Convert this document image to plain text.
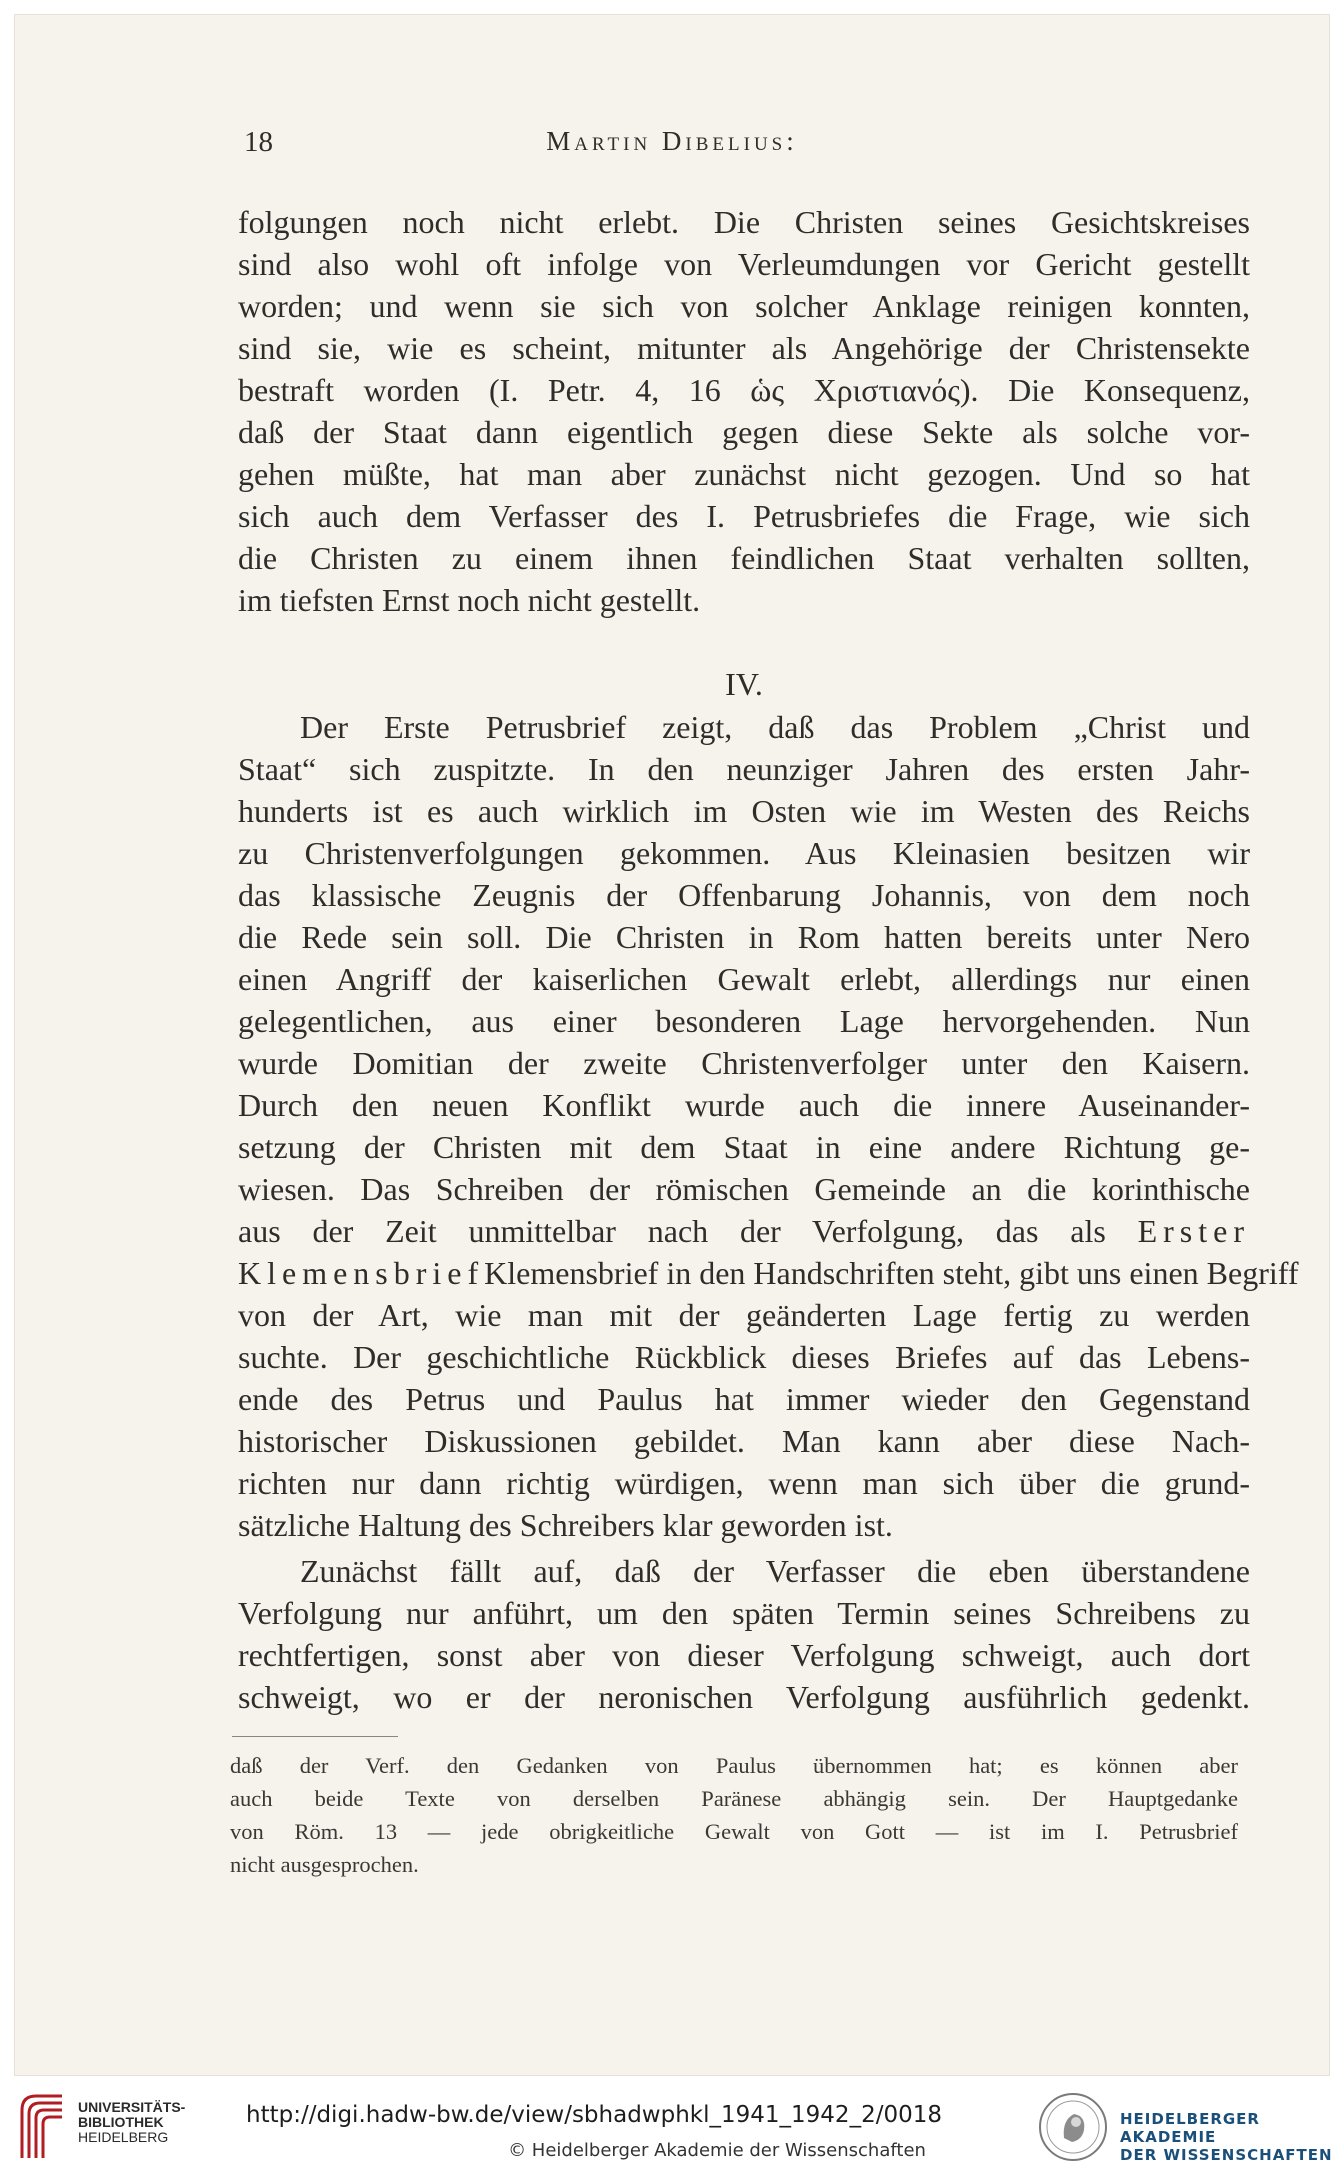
18	Martin Dibelius:
folgungen noch nicht erlebt. Die Christen seines Gesichtskreises
sind also wohl oft infolge von Verleumdungen vor Gericht gestellt
worden; und wenn sie sich von solcher Anklage reinigen konnten,
sind sie, wie es scheint, mitunter als Angehörige der Christensekte
bestraft worden (I. Petr. 4, 16 ὡς Χριστιανός). Die Konsequenz,
daß der Staat dann eigentlich gegen diese Sekte als solche vor-
gehen müßte, hat man aber zunächst nicht gezogen. Und so hat
sich auch dem Verfasser des I. Petrusbriefes die Frage, wie sich
die Christen zu einem ihnen feindlichen Staat verhalten sollten,
im tiefsten Ernst noch nicht gestellt.
IV.
Der Erste Petrusbrief zeigt, daß das Problem „Christ und
Staat“ sich zuspitzte. In den neunziger Jahren des ersten Jahr-
hunderts ist es auch wirklich im Osten wie im Westen des Reichs
zu Christenverfolgungen gekommen. Aus Kleinasien besitzen wir
das klassische Zeugnis der Offenbarung Johannis, von dem noch
die Rede sein soll. Die Christen in Rom hatten bereits unter Nero
einen Angriff der kaiserlichen Gewalt erlebt, allerdings nur einen
gelegentlichen, aus einer besonderen Lage hervorgehenden. Nun
wurde Domitian der zweite Christenverfolger unter den Kaisern.
Durch den neuen Konflikt wurde auch die innere Auseinander-
setzung der Christen mit dem Staat in eine andere Richtung ge-
wiesen. Das Schreiben der römischen Gemeinde an die korinthische
aus der Zeit unmittelbar nach der Verfolgung, das als Erster
KlemensbriefKlemensbrief in den Handschriften steht, gibt uns einen Begriff
von der Art, wie man mit der geänderten Lage fertig zu werden
suchte. Der geschichtliche Rückblick dieses Briefes auf das Lebens-
ende des Petrus und Paulus hat immer wieder den Gegenstand
historischer Diskussionen gebildet. Man kann aber diese Nach-
richten nur dann richtig würdigen, wenn man sich über die grund-
sätzliche Haltung des Schreibers klar geworden ist.
Zunächst fällt auf, daß der Verfasser die eben überstandene
Verfolgung nur anführt, um den späten Termin seines Schreibens zu
rechtfertigen, sonst aber von dieser Verfolgung schweigt, auch dort
schweigt, wo er der neronischen Verfolgung ausführlich gedenkt.
daß der Verf. den Gedanken von Paulus übernommen hat; es können aber
auch beide Texte von derselben Paränese abhängig sein. Der Hauptgedanke
von Röm. 13 — jede obrigkeitliche Gewalt von Gott — ist im I. Petrusbrief
nicht ausgesprochen.
UNIVERSITÄTS-
BIBLIOTHEK
HEIDELBERG
http://digi.hadw-bw.de/view/sbhadwphkl_1941_1942_2/0018
© Heidelberger Akademie der Wissenschaften
HEIDELBERGER AKADEMIE
DER WISSENSCHAFTEN
